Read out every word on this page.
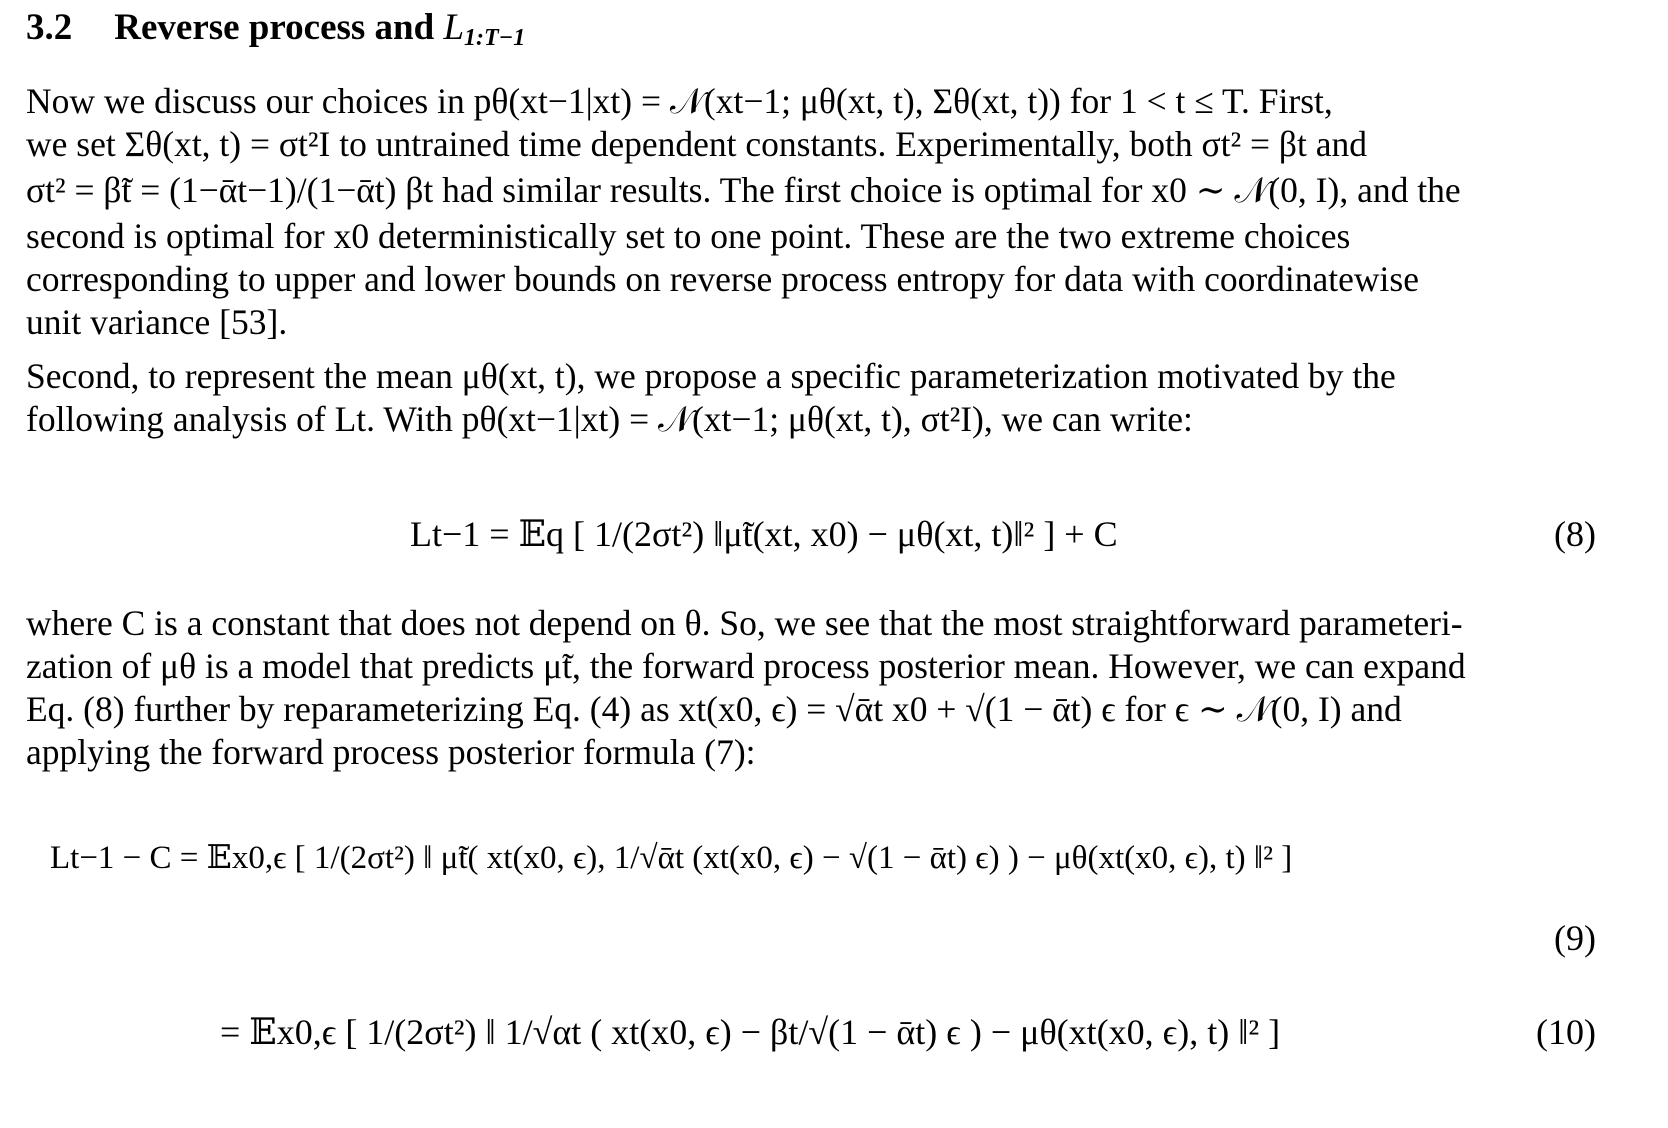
3.2 Reverse process and $L_{1:T-1}$
Now we discuss our choices in pθ(xt−1|xt) = 𝒩(xt−1; μθ(xt, t), Σθ(xt, t)) for 1 < t ≤ T. First,
we set Σθ(xt, t) = σt²I to untrained time dependent constants. Experimentally, both σt² = βt and
σt² = β̃t = (1−ᾱt−1)/(1−ᾱt) βt had similar results. The first choice is optimal for x0 ∼ 𝒩(0, I), and the
second is optimal for x0 deterministically set to one point. These are the two extreme choices
corresponding to upper and lower bounds on reverse process entropy for data with coordinatewise
unit variance [53].
Second, to represent the mean μθ(xt, t), we propose a specific parameterization motivated by the
following analysis of Lt. With pθ(xt−1|xt) = 𝒩(xt−1; μθ(xt, t), σt²I), we can write:
Lt−1 = 𝔼q [ 1/(2σt²) ‖μ̃t(xt, x0) − μθ(xt, t)‖² ] + C	(8)
where C is a constant that does not depend on θ. So, we see that the most straightforward parameteri-
zation of μθ is a model that predicts μ̃t, the forward process posterior mean. However, we can expand
Eq. (8) further by reparameterizing Eq. (4) as xt(x0, ϵ) = √ᾱt x0 + √(1 − ᾱt) ϵ for ϵ ∼ 𝒩(0, I) and
applying the forward process posterior formula (7):
Lt−1 − C = 𝔼x0,ϵ [ 1/(2σt²) ‖ μ̃t( xt(x0, ϵ), 1/√ᾱt (xt(x0, ϵ) − √(1 − ᾱt) ϵ) ) − μθ(xt(x0, ϵ), t) ‖² ]
(9)
= 𝔼x0,ϵ [ 1/(2σt²) ‖ 1/√αt ( xt(x0, ϵ) − βt/√(1 − ᾱt) ϵ ) − μθ(xt(x0, ϵ), t) ‖² ]	(10)
